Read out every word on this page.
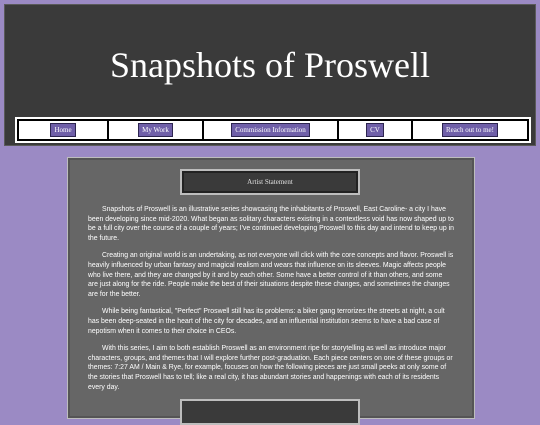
Snapshots of Proswell
Home	My Work	Commission Information	CV	Reach out to me!
Artist Statement

Snapshots of Proswell is an illustrative series showcasing the inhabitants of Proswell, East Caroline- a city I have been developing since mid-2020. What began as solitary characters existing in a contextless void has now shaped up to be a full city over the course of a couple of years; I've continued developing Proswell to this day and intend to keep up in the future.

Creating an original world is an undertaking, as not everyone will click with the core concepts and flavor. Proswell is heavily influenced by urban fantasy and magical realism and wears that influence on its sleeves. Magic affects people who live there, and they are changed by it and by each other. Some have a better control of it than others, and some are just along for the ride. People make the best of their situations despite these changes, and sometimes the changes are for the better.

While being fantastical, "Perfect" Proswell still has its problems: a biker gang terrorizes the streets at night, a cult has been deep-seated in the heart of the city for decades, and an influential institution seems to have a bad case of nepotism when it comes to their choice in CEOs.

With this series, I aim to both establish Proswell as an environment ripe for storytelling as well as introduce major characters, groups, and themes that I will explore further post-graduation. Each piece centers on one of these groups or themes: 7:27 AM / Main & Rye, for example, focuses on how the following pieces are just small peeks at only some of the stories that Proswell has to tell; like a real city, it has abundant stories and happenings with each of its residents every day.
